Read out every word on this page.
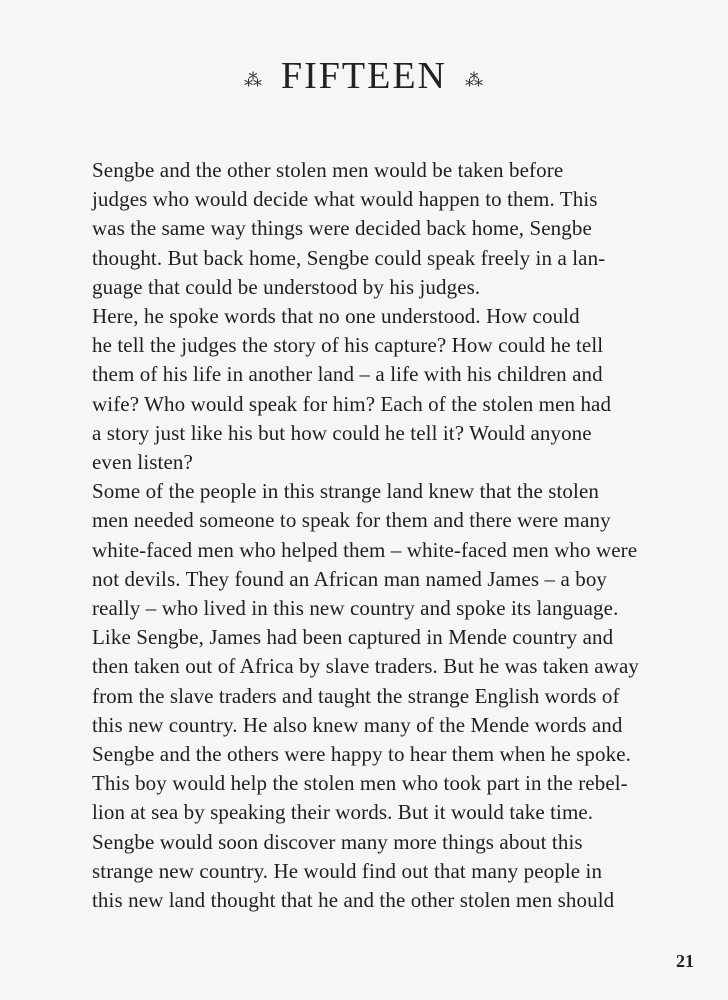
⁂ FIFTEEN ⁂

Sengbe and the other stolen men would be taken before
judges who would decide what would happen to them. This
was the same way things were decided back home, Sengbe
thought. But back home, Sengbe could speak freely in a lan-
guage that could be understood by his judges.

Here, he spoke words that no one understood. How could
he tell the judges the story of his capture? How could he tell
them of his life in another land – a life with his children and
wife? Who would speak for him? Each of the stolen men had
a story just like his but how could he tell it? Would anyone
even listen?

Some of the people in this strange land knew that the stolen
men needed someone to speak for them and there were many
white-faced men who helped them – white-faced men who were
not devils. They found an African man named James – a boy
really – who lived in this new country and spoke its language.
Like Sengbe, James had been captured in Mende country and
then taken out of Africa by slave traders. But he was taken away
from the slave traders and taught the strange English words of
this new country. He also knew many of the Mende words and
Sengbe and the others were happy to hear them when he spoke.
This boy would help the stolen men who took part in the rebel-
lion at sea by speaking their words. But it would take time.

Sengbe would soon discover many more things about this
strange new country. He would find out that many people in
this new land thought that he and the other stolen men should

21
